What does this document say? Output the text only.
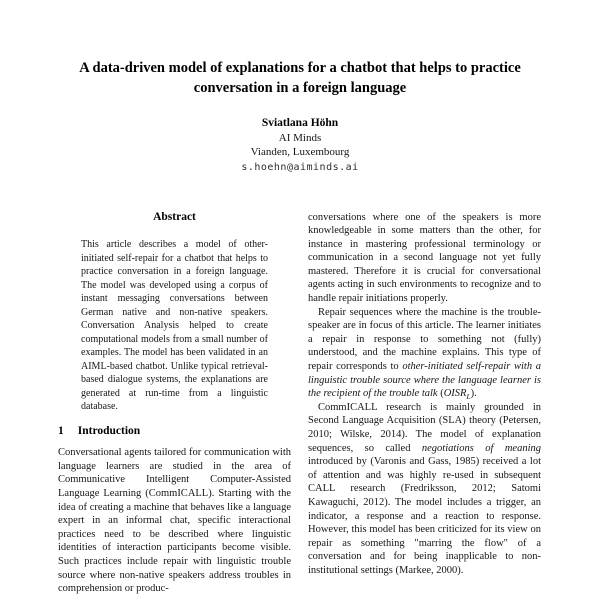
A data-driven model of explanations for a chatbot that helps to practice conversation in a foreign language
Sviatlana Höhn
AI Minds
Vianden, Luxembourg
s.hoehn@aiminds.ai
Abstract

This article describes a model of other-initiated self-repair for a chatbot that helps to practice conversation in a foreign language. The model was developed using a corpus of instant messaging conversations between German native and non-native speakers. Conversation Analysis helped to create computational models from a small number of examples. The model has been validated in an AIML-based chatbot. Unlike typical retrieval-based dialogue systems, the explanations are generated at run-time from a linguistic database.

1 Introduction

Conversational agents tailored for communication with language learners are studied in the area of Communicative Intelligent Computer-Assisted Language Learning (CommICALL). Starting with the idea of creating a machine that behaves like a language expert in an informal chat, specific interactional practices need to be described where linguistic identities of interaction participants become visible. Such practices include repair with linguistic trouble source where non-native speakers address troubles in comprehension or produc-

conversations where one of the speakers is more knowledgeable in some matters than the other, for instance in mastering professional terminology or communication in a second language not yet fully mastered. Therefore it is crucial for conversational agents acting in such environments to recognize and to handle repair initiations properly.

Repair sequences where the machine is the trouble-speaker are in focus of this article. The learner initiates a repair in response to something not (fully) understood, and the machine explains. This type of repair corresponds to other-initiated self-repair with a linguistic trouble source where the language learner is the recipient of the trouble talk $(OISR_L)$.

CommICALL research is mainly grounded in Second Language Acquisition (SLA) theory (Petersen, 2010; Wilske, 2014). The model of explanation sequences, so called negotiations of meaning introduced by (Varonis and Gass, 1985) received a lot of attention and was highly re-used in subsequent CALL research (Fredriksson, 2012; Satomi Kawaguchi, 2012). The model includes a trigger, an indicator, a response and a reaction to response. However, this model has been criticized for its view on repair as something "marring the flow" of a conversation and for being inapplicable to non-institutional settings (Markee, 2000).
